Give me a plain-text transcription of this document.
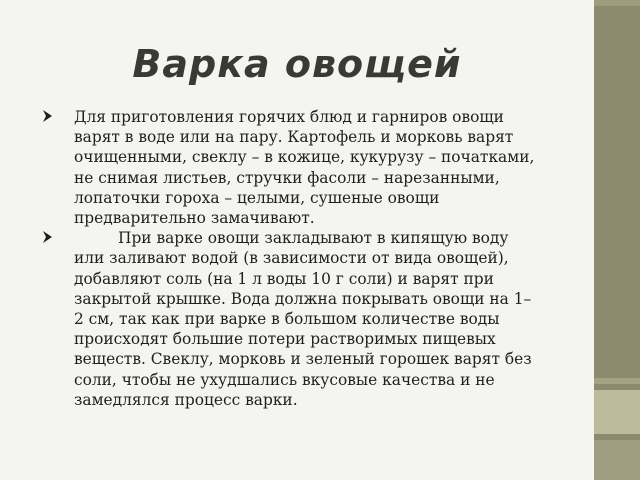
Варка овощей

Для приготовления горячих блюд и гарниров овощи варят в воде или на пару. Картофель и морковь варят очищенными, свеклу – в кожице, кукурузу – початками, не снимая листьев, стручки фасоли – нарезанными, лопаточки гороха – целыми, сушеные овощи предварительно замачивают.

При варке овощи закладывают в кипящую воду или заливают водой (в зависимости от вида овощей), добавляют соль (на 1 л воды 10 г соли) и варят при закрытой крышке. Вода должна покрывать овощи на 1–2 см, так как при варке в большом количестве воды происходят большие потери растворимых пищевых веществ. Свеклу, морковь и зеленый горошек варят без соли, чтобы не ухудшались вкусовые качества и не замедлялся процесс варки.
